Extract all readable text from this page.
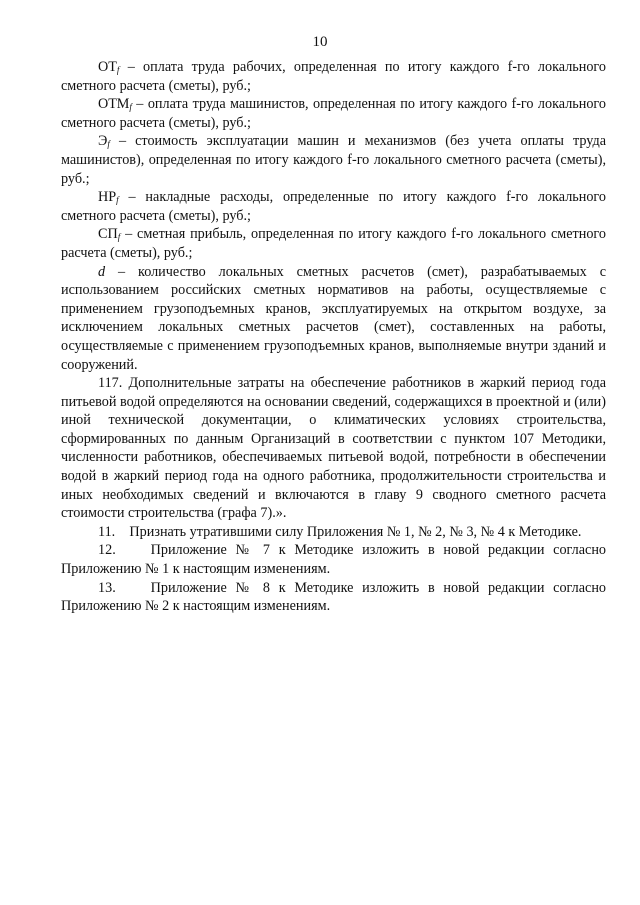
10

$ОТ_f$ – оплата труда рабочих, определенная по итогу каждого f-го локального сметного расчета (сметы), руб.;

$ОТМ_f$ – оплата труда машинистов, определенная по итогу каждого f-го локального сметного расчета (сметы), руб.;

$Э_f$ – стоимость эксплуатации машин и механизмов (без учета оплаты труда машинистов), определенная по итогу каждого f-го локального сметного расчета (сметы), руб.;

$НР_f$ – накладные расходы, определенные по итогу каждого f-го локального сметного расчета (сметы), руб.;

$СП_f$ – сметная прибыль, определенная по итогу каждого f-го локального сметного расчета (сметы), руб.;

d – количество локальных сметных расчетов (смет), разрабатываемых с использованием российских сметных нормативов на работы, осуществляемые с применением грузоподъемных кранов, эксплуатируемых на открытом воздухе, за исключением локальных сметных расчетов (смет), составленных на работы, осуществляемые с применением грузоподъемных кранов, выполняемые внутри зданий и сооружений.

117. Дополнительные затраты на обеспечение работников в жаркий период года питьевой водой определяются на основании сведений, содержащихся в проектной и (или) иной технической документации, о климатических условиях строительства, сформированных по данным Организаций в соответствии с пунктом 107 Методики, численности работников, обеспечиваемых питьевой водой, потребности в обеспечении водой в жаркий период года на одного работника, продолжительности строительства и иных необходимых сведений и включаются в главу 9 сводного сметного расчета стоимости строительства (графа 7).».

11. Признать утратившими силу Приложения № 1, № 2, № 3, № 4 к Методике.

12. Приложение № 7 к Методике изложить в новой редакции согласно Приложению № 1 к настоящим изменениям.

13. Приложение № 8 к Методике изложить в новой редакции согласно Приложению № 2 к настоящим изменениям.
